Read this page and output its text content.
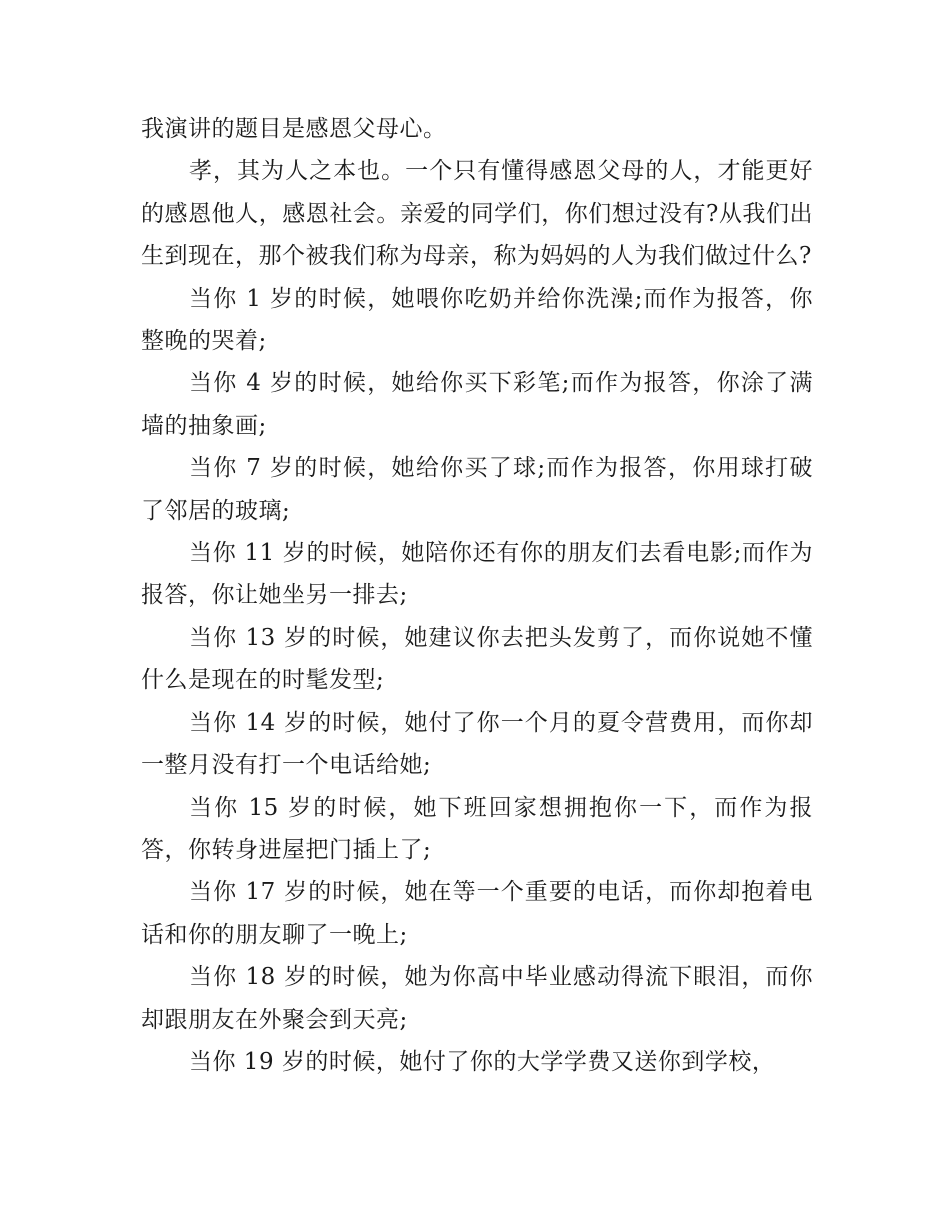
我演讲的题目是感恩父母心。

孝，其为人之本也。一个只有懂得感恩父母的人，才能更好的感恩他人，感恩社会。亲爱的同学们，你们想过没有?从我们出生到现在，那个被我们称为母亲，称为妈妈的人为我们做过什么?

当你 1 岁的时候，她喂你吃奶并给你洗澡;而作为报答，你整晚的哭着;

当你 4 岁的时候，她给你买下彩笔;而作为报答，你涂了满墙的抽象画;

当你 7 岁的时候，她给你买了球;而作为报答，你用球打破了邻居的玻璃;

当你 11 岁的时候，她陪你还有你的朋友们去看电影;而作为报答，你让她坐另一排去;

当你 13 岁的时候，她建议你去把头发剪了，而你说她不懂什么是现在的时髦发型;

当你 14 岁的时候，她付了你一个月的夏令营费用，而你却一整月没有打一个电话给她;

当你 15 岁的时候，她下班回家想拥抱你一下，而作为报答，你转身进屋把门插上了;

当你 17 岁的时候，她在等一个重要的电话，而你却抱着电话和你的朋友聊了一晚上;

当你 18 岁的时候，她为你高中毕业感动得流下眼泪，而你却跟朋友在外聚会到天亮;

当你 19 岁的时候，她付了你的大学学费又送你到学校，
